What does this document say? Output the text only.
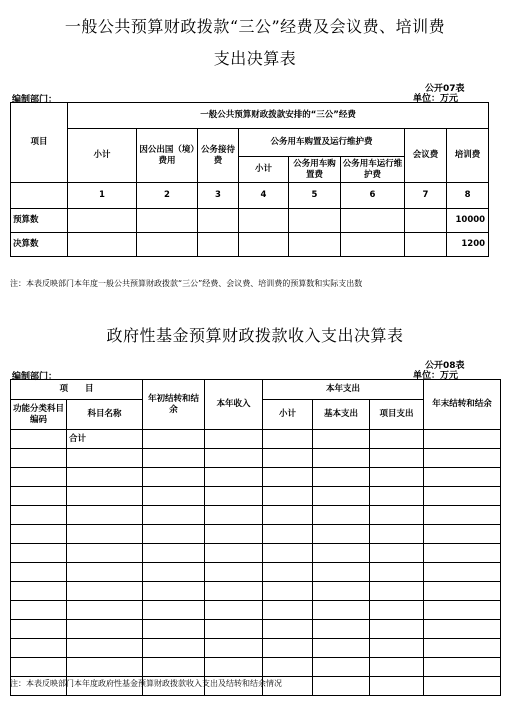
一般公共预算财政拨款“三公”经费及会议费、培训费
支出决算表
公开07表
单位：万元
编制部门：
项目	一般公共预算财政拨款安排的“三公”经费							
	小计	因公出国（境）费用	公务接待费	公务用车购置及运行维护费			会议费	培训费
				小计	公务用车购置费	公务用车运行维护费		
	1	2	3	4	5	6	7	8
预算数								10000
决算数								1200
注：本表反映部门本年度一般公共预算财政拨款“三公”经费、会议费、培训费的预算数和实际支出数
政府性基金预算财政拨款收入支出决算表
公开08表
单位：万元
编制部门：
项　　目		年初结转和结余	本年收入	本年支出			年末结转和结余
功能分类科目编码	科目名称			小计	基本支出	项目支出	
	合计						

注：本表反映部门本年度政府性基金预算财政拨款收入支出及结转和结余情况
